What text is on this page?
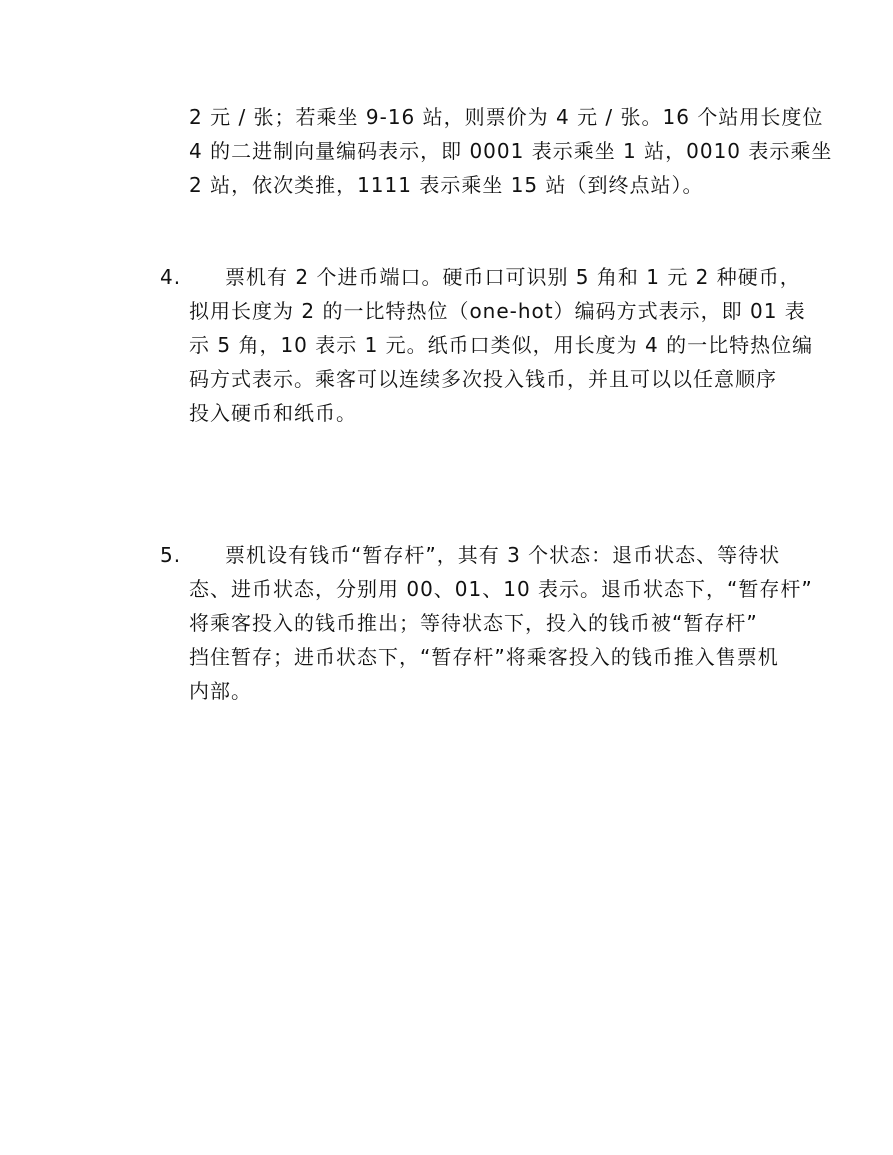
2 元 / 张；若乘坐 9-16 站，则票价为 4 元 / 张。16 个站用长度位
4 的二进制向量编码表示，即 0001 表示乘坐 1 站，0010 表示乘坐
2 站，依次类推，1111 表示乘坐 15 站（到终点站）。
4. 票机有 2 个进币端口。硬币口可识别 5 角和 1 元 2 种硬币，
拟用长度为 2 的一比特热位（one-hot）编码方式表示，即 01 表
示 5 角，10 表示 1 元。纸币口类似，用长度为 4 的一比特热位编
码方式表示。乘客可以连续多次投入钱币，并且可以以任意顺序
投入硬币和纸币。
5. 票机设有钱币“暂存杆”，其有 3 个状态：退币状态、等待状
态、进币状态，分别用 00、01、10 表示。退币状态下，“暂存杆”
将乘客投入的钱币推出；等待状态下，投入的钱币被“暂存杆”
挡住暂存；进币状态下，“暂存杆”将乘客投入的钱币推入售票机
内部。
